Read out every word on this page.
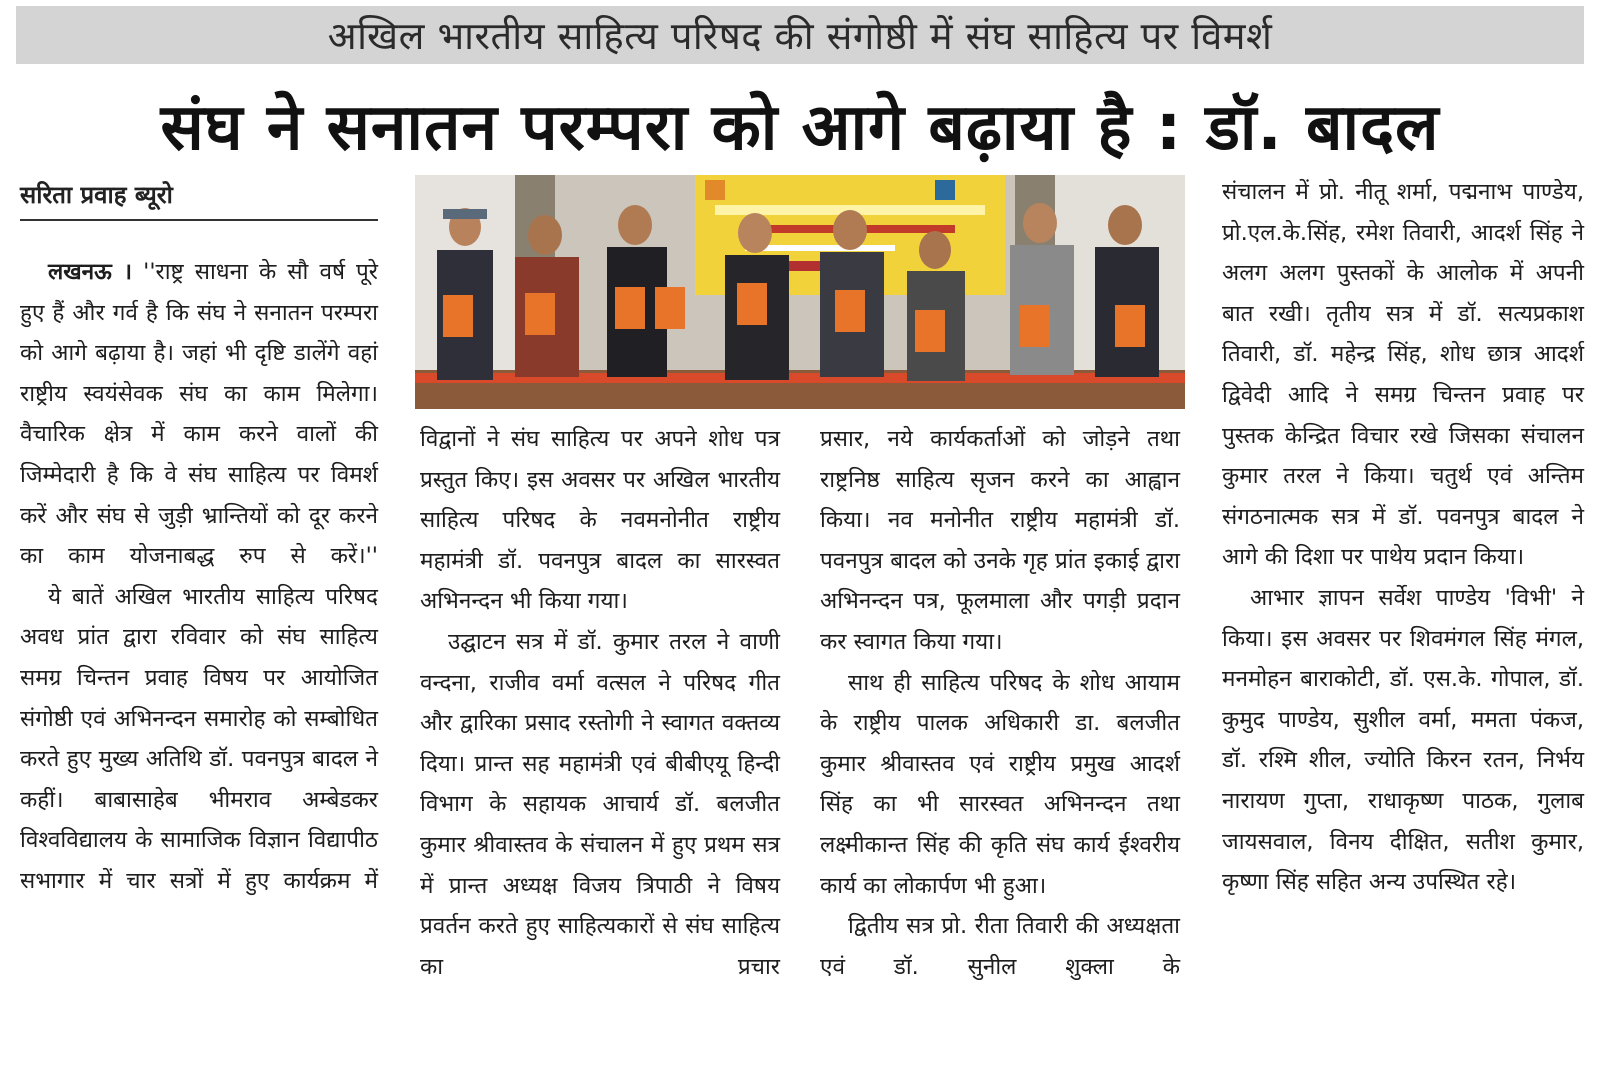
अखिल भारतीय साहित्य परिषद की संगोष्ठी में संघ साहित्य पर विमर्श
संघ ने सनातन परम्परा को आगे बढ़ाया है : डॉ. बादल
सरिता प्रवाह ब्यूरो

लखनऊ । ''राष्ट्र साधना के सौ वर्ष पूरे हुए हैं और गर्व है कि संघ ने सनातन परम्परा को आगे बढ़ाया है। जहां भी दृष्टि डालेंगे वहां राष्ट्रीय स्वयंसेवक संघ का काम मिलेगा। वैचारिक क्षेत्र में काम करने वालों की जिम्मेदारी है कि वे संघ साहित्य पर विमर्श करें और संघ से जुड़ी भ्रान्तियों को दूर करने का काम योजनाबद्ध रुप से करें।''

ये बातें अखिल भारतीय साहित्य परिषद अवध प्रांत द्वारा रविवार को संघ साहित्य समग्र चिन्तन प्रवाह विषय पर आयोजित संगोष्ठी एवं अभिनन्दन समारोह को सम्बोधित करते हुए मुख्य अतिथि डॉ. पवनपुत्र बादल ने कहीं। बाबासाहेब भीमराव अम्बेडकर विश्वविद्यालय के सामाजिक विज्ञान विद्यापीठ सभागार में चार सत्रों में हुए कार्यक्रम में

विद्वानों ने संघ साहित्य पर अपने शोध पत्र प्रस्तुत किए। इस अवसर पर अखिल भारतीय साहित्य परिषद के नवमनोनीत राष्ट्रीय महामंत्री डॉ. पवनपुत्र बादल का सारस्वत अभिनन्दन भी किया गया।

उद्घाटन सत्र में डॉ. कुमार तरल ने वाणी वन्दना, राजीव वर्मा वत्सल ने परिषद गीत और द्वारिका प्रसाद रस्तोगी ने स्वागत वक्तव्य दिया। प्रान्त सह महामंत्री एवं बीबीएयू हिन्दी विभाग के सहायक आचार्य डॉ. बलजीत कुमार श्रीवास्तव के संचालन में हुए प्रथम सत्र में प्रान्त अध्यक्ष विजय त्रिपाठी ने विषय प्रवर्तन करते हुए साहित्यकारों से संघ साहित्य का प्रचार

प्रसार, नये कार्यकर्ताओं को जोड़ने तथा राष्ट्रनिष्ठ साहित्य सृजन करने का आह्वान किया। नव मनोनीत राष्ट्रीय महामंत्री डॉ. पवनपुत्र बादल को उनके गृह प्रांत इकाई द्वारा अभिनन्दन पत्र, फूलमाला और पगड़ी प्रदान कर स्वागत किया गया।

साथ ही साहित्य परिषद के शोध आयाम के राष्ट्रीय पालक अधिकारी डा. बलजीत कुमार श्रीवास्तव एवं राष्ट्रीय प्रमुख आदर्श सिंह का भी सारस्वत अभिनन्दन तथा लक्ष्मीकान्त सिंह की कृति संघ कार्य ईश्वरीय कार्य का लोकार्पण भी हुआ।

द्वितीय सत्र प्रो. रीता तिवारी की अध्यक्षता एवं डॉ. सुनील शुक्ला के

संचालन में प्रो. नीतू शर्मा, पद्मनाभ पाण्डेय, प्रो.एल.के.सिंह, रमेश तिवारी, आदर्श सिंह ने अलग अलग पुस्तकों के आलोक में अपनी बात रखी। तृतीय सत्र में डॉ. सत्यप्रकाश तिवारी, डॉ. महेन्द्र सिंह, शोध छात्र आदर्श द्विवेदी आदि ने समग्र चिन्तन प्रवाह पर पुस्तक केन्द्रित विचार रखे जिसका संचालन कुमार तरल ने किया। चतुर्थ एवं अन्तिम संगठनात्मक सत्र में डॉ. पवनपुत्र बादल ने आगे की दिशा पर पाथेय प्रदान किया।

आभार ज्ञापन सर्वेश पाण्डेय 'विभी' ने किया। इस अवसर पर शिवमंगल सिंह मंगल, मनमोहन बाराकोटी, डॉ. एस.के. गोपाल, डॉ. कुमुद पाण्डेय, सुशील वर्मा, ममता पंकज, डॉ. रश्मि शील, ज्योति किरन रतन, निर्भय नारायण गुप्ता, राधाकृष्ण पाठक, गुलाब जायसवाल, विनय दीक्षित, सतीश कुमार, कृष्णा सिंह सहित अन्य उपस्थित रहे।
